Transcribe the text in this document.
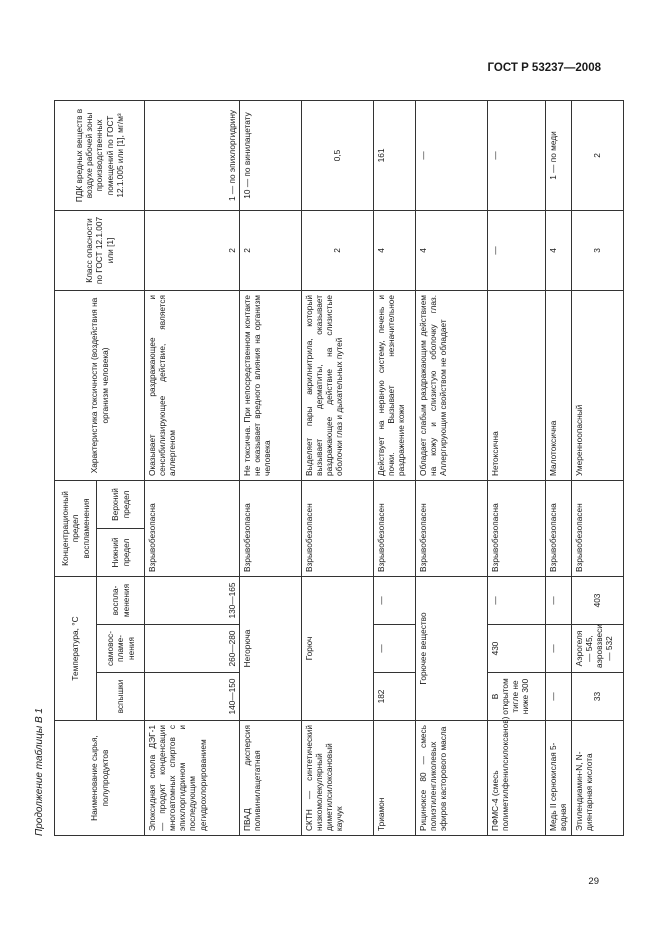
ГОСТ Р 53237—2008
Продолжение таблицы В 1	Наименование сырья, полупродуктов	Температура, °С			Концентрационный предел воспламенения		Характеристика токсичности (воздействия на организм человека)	Класс опасности по ГОСТ 12.1.007 или [1]	ПДК вредных веществ в воздухе рабочей зоны производственных помещений по ГОСТ 12.1.005 или [1], мг/м³
	вспышки	самовос-пламе-нения	воспла-менения	Нижний предел	Верхний предел			
Эпоксидная смола ДЭГ-1 — продукт конденсации многоатомных спиртов с эпихлоргидрином и последующим дегидрохлорированием	140—150	260—280	130—165	Взрывобезопасна		Оказывает раздражающее и сенсибилизирующее действие, является аллергеном	2	1 — по эпихлоргидрину
ПВАД дисперсия поливинилацетатная	Негорюча			Взрывобезопасна		Не токсична. При непосредственном контакте не оказывает вредного влияния на организм человека	2	10 — по винилацетату
СКТН — синтетический низкомолекулярный диметилсилоксановый каучук	Горюч			Взрывобезопасен		Выделяет пары акрилнитрила, который вызывает дерматиты, оказывает раздражающее действие на слизистые оболочки глаз и дыхательных путей	2	0,5
Триамон	182	—	—	Взрывобезопасен		Действует на нервную систему, печень и почки. Вызывает незначительное раздражение кожи	4	161
Рициноксе 80 — смесь полиэтиленгликолевых эфиров касторового масла	Горючее вещество			Взрывобезопасен		Обладает слабым раздражающим действием на кожу и слизистую оболочку глаз. Аллергирующим свойством не обладает	4	—
ПФМС-4 (смесь полиметилфенилсилоксанов)	В открытом тигле не ниже 300	430	—	Взрывобезопасна		Нетоксична	—	—
Медь II сернокислая 5-водная	—	—	—	Взрывобезопасна		Малотоксична	4	1 — по меди
Этилендиамин-N, N-диянтарная кислота	33	Аэрогеля — 545, аэровзвеси — 532	403	Взрывобезопасен		Умеренноопасный	3	2
29
